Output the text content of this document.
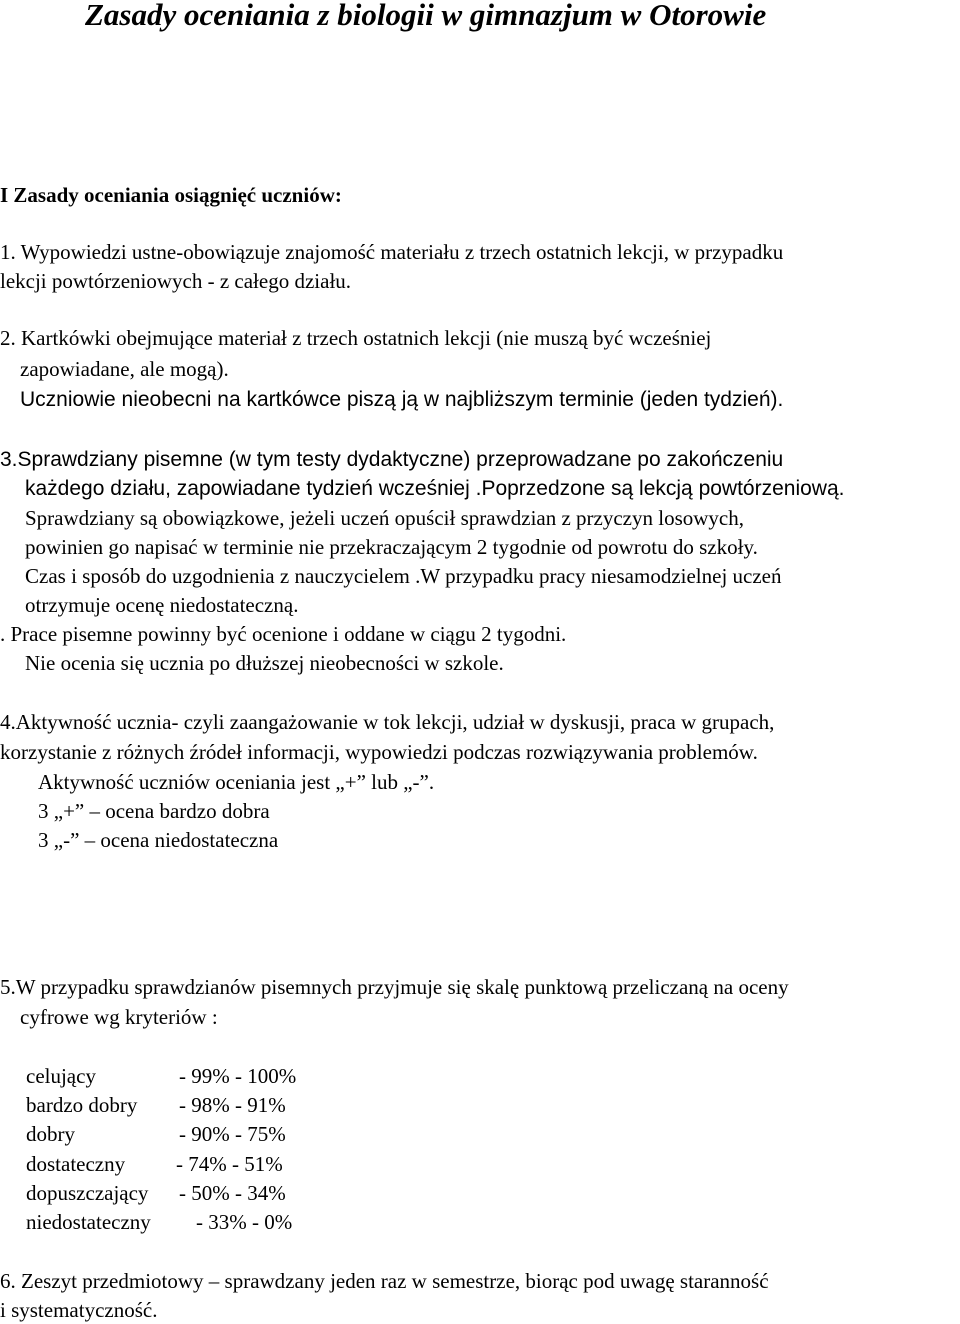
Zasady oceniania z biologii w gimnazjum w Otorowie
I Zasady oceniania osiągnięć uczniów:
1. Wypowiedzi ustne-obowiązuje znajomość materiału z trzech ostatnich lekcji, w przypadku
lekcji powtórzeniowych - z całego działu.
2. Kartkówki obejmujące materiał z trzech ostatnich lekcji (nie muszą być wcześniej
zapowiadane, ale mogą).
Uczniowie nieobecni na kartkówce piszą ją w najbliższym terminie (jeden tydzień).
3.Sprawdziany pisemne (w tym testy dydaktyczne) przeprowadzane po zakończeniu
każdego działu, zapowiadane tydzień wcześniej .Poprzedzone są lekcją powtórzeniową.
Sprawdziany są obowiązkowe, jeżeli uczeń opuścił sprawdzian z przyczyn losowych,
powinien go napisać w terminie nie przekraczającym 2 tygodnie od powrotu do szkoły.
Czas i sposób do uzgodnienia z nauczycielem .W przypadku pracy niesamodzielnej uczeń
otrzymuje ocenę niedostateczną.
. Prace pisemne powinny być ocenione i oddane w ciągu 2 tygodni.
Nie ocenia się ucznia po dłuższej nieobecności w szkole.
4.Aktywność ucznia- czyli zaangażowanie w tok lekcji, udział w dyskusji, praca w grupach,
korzystanie z różnych źródeł informacji, wypowiedzi podczas rozwiązywania problemów.
Aktywność uczniów oceniania jest „+” lub „-”.
3 „+” – ocena bardzo dobra
3 „-” – ocena niedostateczna
5.W przypadku sprawdzianów pisemnych przyjmuje się skalę punktową przeliczaną na oceny
cyfrowe wg kryteriów :
celujący	- 99% - 100%
bardzo dobry - 98% - 91%
dobry	- 90% - 75%
dostateczny - 74% - 51%
dopuszczający - 50% - 34%
niedostateczny - 33% - 0%
6. Zeszyt przedmiotowy – sprawdzany jeden raz w semestrze, biorąc pod uwagę staranność
i systematyczność.
